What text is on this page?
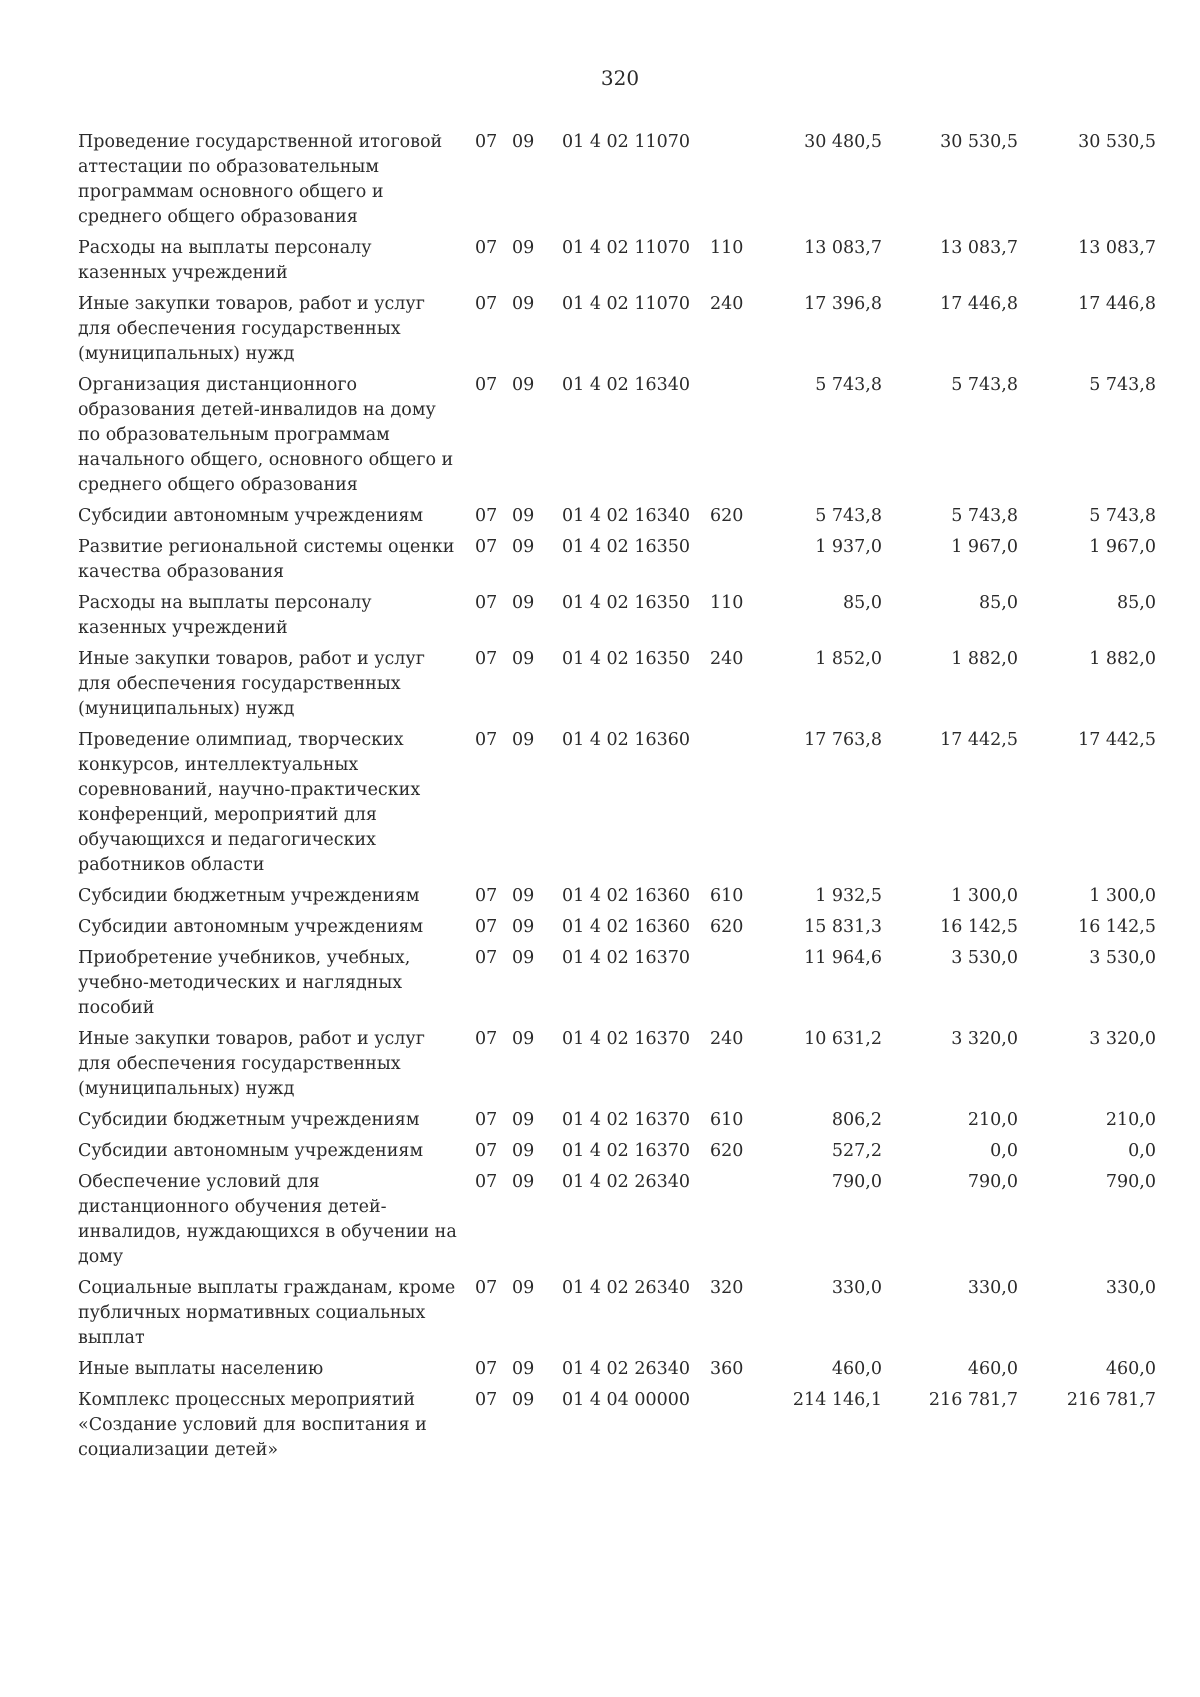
320
Проведение государственной итоговой аттестации по образовательным программам основного общего и среднего общего образования
07 09 01 4 02 11070	30 480,5	30 530,5	30 530,5
Расходы на выплаты персоналу казенных учреждений
07 09 01 4 02 11070 110	13 083,7	13 083,7	13 083,7
Иные закупки товаров, работ и услуг для обеспечения государственных (муниципальных) нужд
07 09 01 4 02 11070 240	17 396,8	17 446,8	17 446,8
Организация дистанционного образования детей-инвалидов на дому по образовательным программам начального общего, основного общего и среднего общего образования
07 09 01 4 02 16340	5 743,8	5 743,8	5 743,8
Субсидии автономным учреждениям	07 09 01 4 02 16340 620	5 743,8	5 743,8	5 743,8
Развитие региональной системы оценки качества образования
07 09 01 4 02 16350	1 937,0	1 967,0	1 967,0
Расходы на выплаты персоналу казенных учреждений
07 09 01 4 02 16350 110	85,0	85,0	85,0
Иные закупки товаров, работ и услуг для обеспечения государственных (муниципальных) нужд
07 09 01 4 02 16350 240	1 852,0	1 882,0	1 882,0
Проведение олимпиад, творческих конкурсов, интеллектуальных соревнований, научно-практических конференций, мероприятий для обучающихся и педагогических работников области
07 09 01 4 02 16360	17 763,8	17 442,5	17 442,5
Субсидии бюджетным учреждениям	07 09 01 4 02 16360 610	1 932,5	1 300,0	1 300,0
Субсидии автономным учреждениям	07 09 01 4 02 16360 620	15 831,3	16 142,5	16 142,5
Приобретение учебников, учебных, учебно-методических и наглядных пособий
07 09 01 4 02 16370	11 964,6	3 530,0	3 530,0
Иные закупки товаров, работ и услуг для обеспечения государственных (муниципальных) нужд
07 09 01 4 02 16370 240	10 631,2	3 320,0	3 320,0
Субсидии бюджетным учреждениям	07 09 01 4 02 16370 610	806,2	210,0	210,0
Субсидии автономным учреждениям	07 09 01 4 02 16370 620	527,2	0,0	0,0
Обеспечение условий для дистанционного обучения детей-инвалидов, нуждающихся в обучении на дому
07 09 01 4 02 26340	790,0	790,0	790,0
Социальные выплаты гражданам, кроме публичных нормативных социальных выплат
07 09 01 4 02 26340 320	330,0	330,0	330,0
Иные выплаты населению	07 09 01 4 02 26340 360	460,0	460,0	460,0
Комплекс процессных мероприятий «Создание условий для воспитания и социализации детей»
07 09 01 4 04 00000	214 146,1	216 781,7	216 781,7
